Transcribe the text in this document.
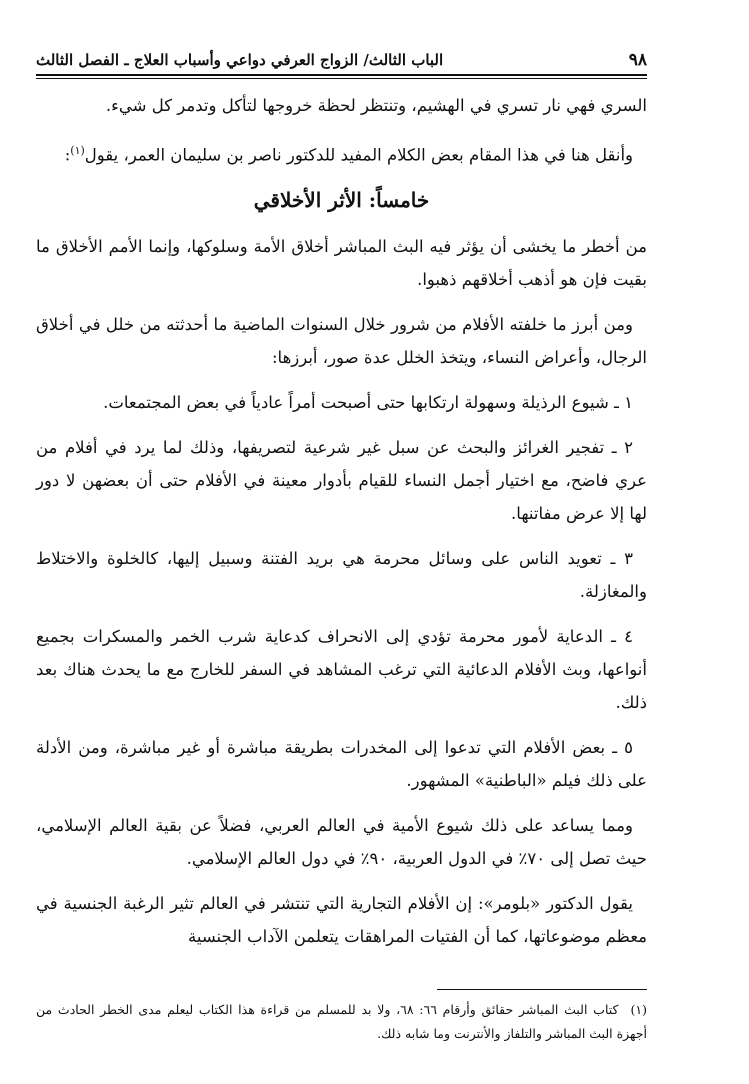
٩٨
الباب الثالث/ الزواج العرفي دواعي وأسباب العلاج ـ الفصل الثالث

السري فهي نار تسري في الهشيم، وتنتظر لحظة خروجها لتأكل وتدمر كل شيء.

وأنقل هنا في هذا المقام بعض الكلام المفيد للدكتور ناصر بن سليمان العمر، يقول$^{(١)}$:

خامساً: الأثر الأخلاقي

من أخطر ما يخشى أن يؤثر فيه البث المباشر أخلاق الأمة وسلوكها، وإنما الأمم الأخلاق ما بقيت فإن هو أذهب أخلاقهم ذهبوا.

ومن أبرز ما خلفته الأفلام من شرور خلال السنوات الماضية ما أحدثته من خلل في أخلاق الرجال، وأعراض النساء، ويتخذ الخلل عدة صور، أبرزها:

١ ـ شيوع الرذيلة وسهولة ارتكابها حتى أصبحت أمراً عادياً في بعض المجتمعات.

٢ ـ تفجير الغرائز والبحث عن سبل غير شرعية لتصريفها، وذلك لما يرد في أفلام من عري فاضح، مع اختيار أجمل النساء للقيام بأدوار معينة في الأفلام حتى أن بعضهن لا دور لها إلا عرض مفاتنها.

٣ ـ تعويد الناس على وسائل محرمة هي بريد الفتنة وسبيل إليها، كالخلوة والاختلاط والمغازلة.

٤ ـ الدعاية لأمور محرمة تؤدي إلى الانحراف كدعاية شرب الخمر والمسكرات بجميع أنواعها، وبث الأفلام الدعائية التي ترغب المشاهد في السفر للخارج مع ما يحدث هناك بعد ذلك.

٥ ـ بعض الأفلام التي تدعوا إلى المخدرات بطريقة مباشرة أو غير مباشرة، ومن الأدلة على ذلك فيلم «الباطنية» المشهور.

ومما يساعد على ذلك شيوع الأمية في العالم العربي، فضلاً عن بقية العالم الإسلامي، حيث تصل إلى ٧٠٪ في الدول العربية، ٩٠٪ في دول العالم الإسلامي.

يقول الدكتور «بلومر»: إن الأفلام التجارية التي تنتشر في العالم تثير الرغبة الجنسية في معظم موضوعاتها، كما أن الفتيات المراهقات يتعلمن الآداب الجنسية

(١)كتاب البث المباشر حقائق وأرقام ٦٦: ٦٨، ولا بد للمسلم من قراءة هذا الكتاب ليعلم مدى الخطر الحادث من أجهزة البث المباشر والتلفاز والأنترنت وما شابه ذلك.
